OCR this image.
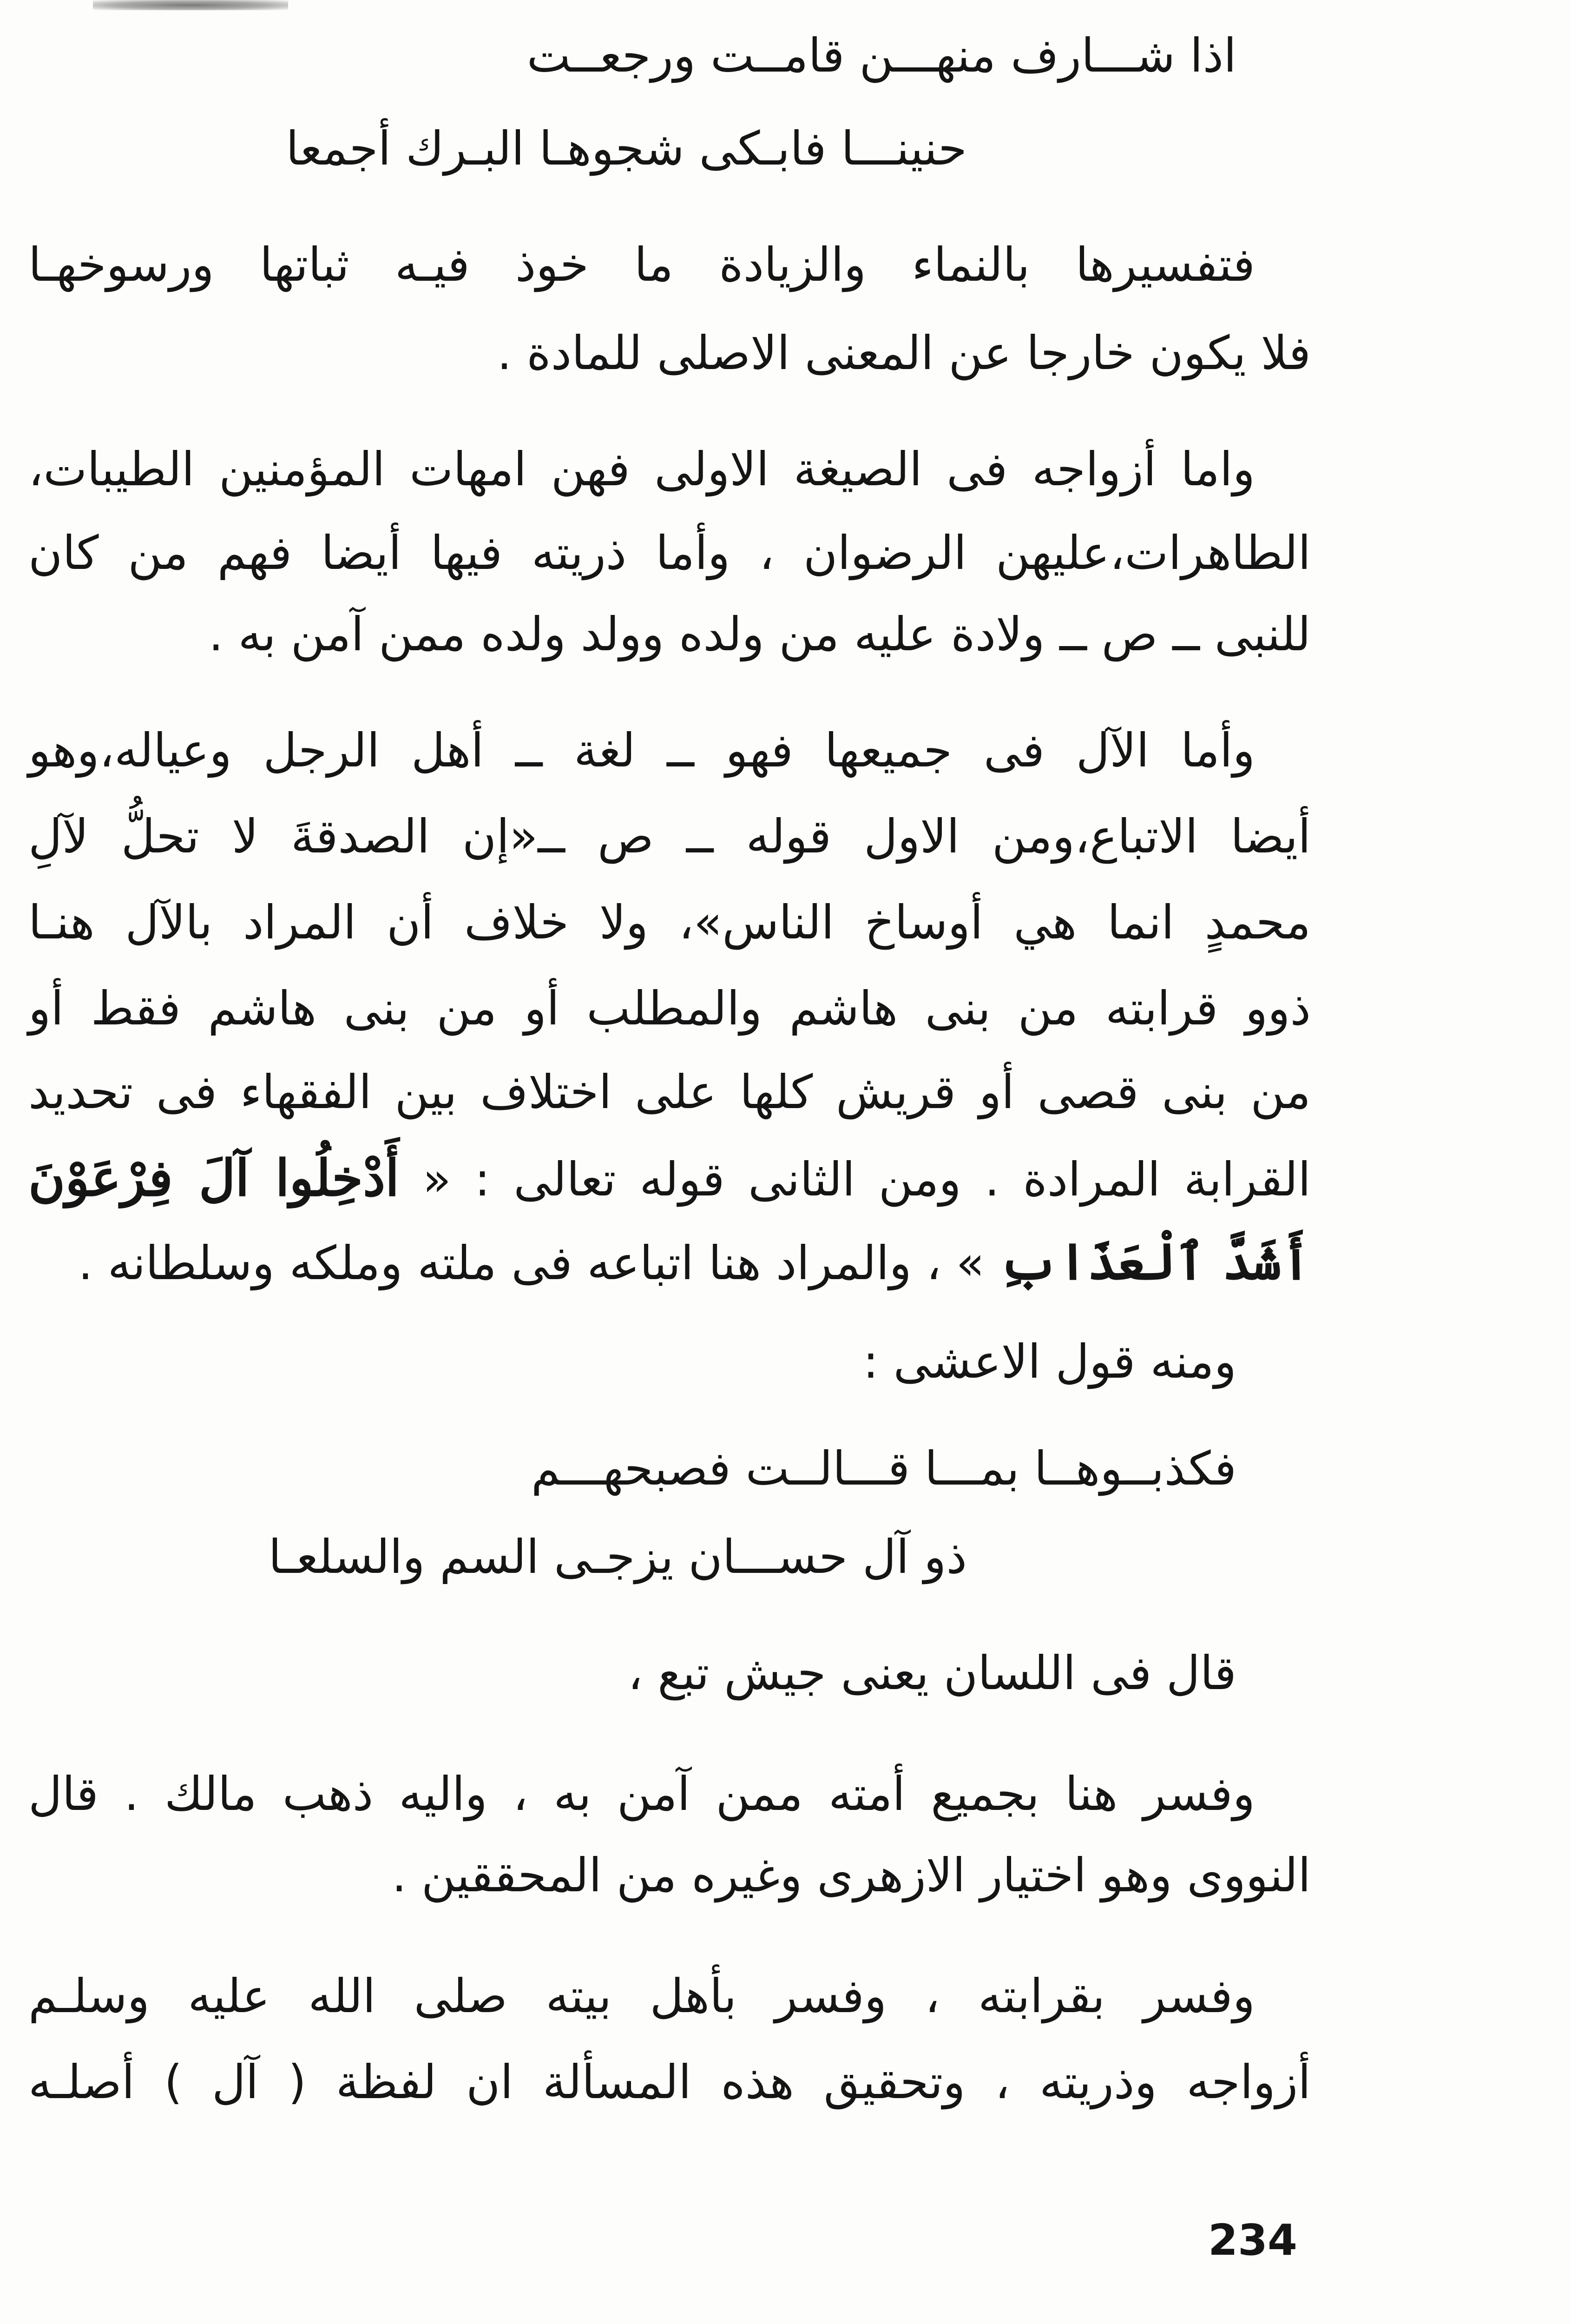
اذا شـــارف منهـــن قامــت ورجعــت
حنينـــا فابـكى شجوهـا البـرك أجمعا
فتفسيرها بالنماء والزيادة ما خوذ فيـه ثباتها ورسوخهـا
فلا يكون خارجا عن المعنى الاصلى للمادة .
واما أزواجه فى الصيغة الاولى فهن امهات المؤمنين الطيبات،
الطاهرات،عليهن الرضوان ، وأما ذريته فيها أيضا فهم من كان
للنبى ــ ص ــ ولادة عليه من ولده وولد ولده ممن آمن به .
وأما الآل فى جميعها فهو ــ لغة ــ أهل الرجل وعياله،وهو
أيضا الاتباع،ومن الاول قوله ــ ص ــ«إن الصدقةَ لا تحلُّ لآلِ
محمدٍ انما هي أوساخ الناس»، ولا خلاف أن المراد بالآل هنـا
ذوو قرابته من بنى هاشم والمطلب أو من بنى هاشم فقط أو
من بنى قصى أو قريش كلها على اختلاف بين الفقهاء فى تحديد
القرابة المرادة . ومن الثانى قوله تعالى : « أَدْخِلُوا آلَ فِرْعَوْنَ
أَشَدَّ ٱلْعَذَابِ » ، والمراد هنا اتباعه فى ملته وملكه وسلطانه .
ومنه قول الاعشى :
فكذبــوهــا بمـــا قـــالــت فصبحهـــم
ذو آل حســـان يزجـى السم والسلعـا
قال فى اللسان يعنى جيش تبع ،
وفسر هنا بجميع أمته ممن آمن به ، واليه ذهب مالك . قال
النووى وهو اختيار الازهرى وغيره من المحققين .
وفسر بقرابته ، وفسر بأهل بيته صلى الله عليه وسلـم
أزواجه وذريته ، وتحقيق هذه المسألة ان لفظة ( آل ) أصلـه
234
